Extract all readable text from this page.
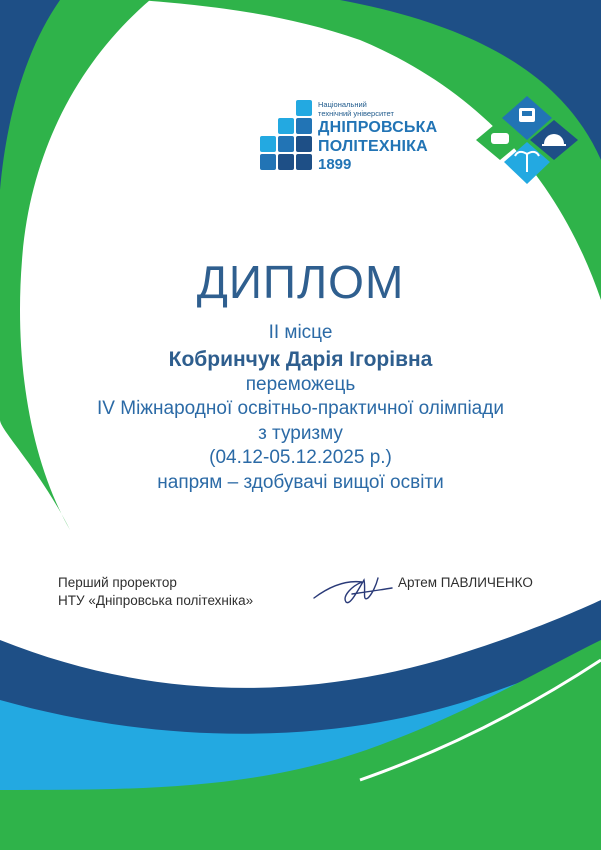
Національний
технічний університет
ДНІПРОВСЬКА
ПОЛІТЕХНІКА
1899
ДИПЛОМ
ІІ місце
Кобринчук Дарія Ігорівна
переможець
IV Міжнародної освітньо-практичної олімпіади
з туризму
(04.12-05.12.2025 р.)
напрям – здобувачі вищої освіти
Перший проректор
НТУ «Дніпровська політехніка»
Артем ПАВЛИЧЕНКО
